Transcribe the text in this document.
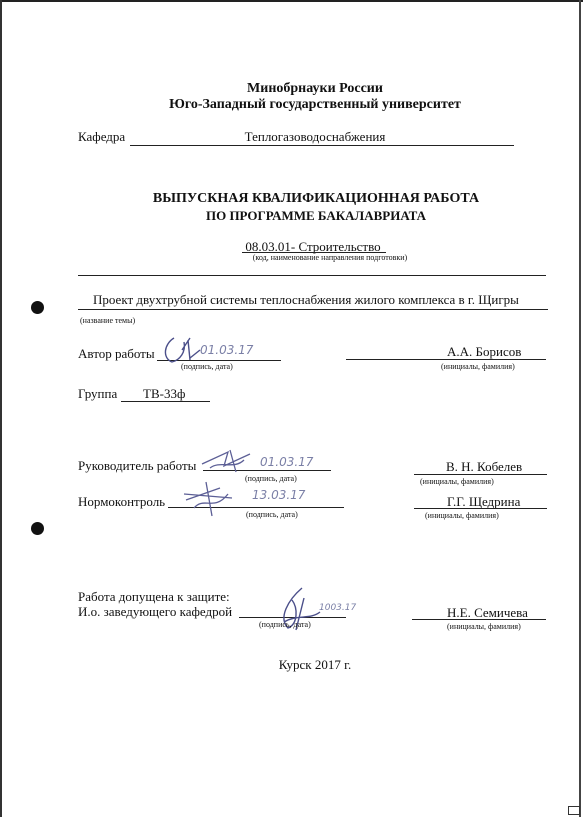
Минобрнауки России
Юго-Западный государственный университет
Кафедра	Теплогазоводоснабжения
ВЫПУСКНАЯ КВАЛИФИКАЦИОННАЯ РАБОТА
ПО ПРОГРАММЕ БАКАЛАВРИАТА
08.03.01- Строительство
(код, наименование направления подготовки)
Проект двухтрубной системы теплоснабжения жилого комплекса в г. Щигры
(название темы)
Автор работы	01.03.17
(подпись, дата)
А.А. Борисов
(инициалы, фамилия)
Группа ТВ-33ф
Руководитель работы	01.03.17
(подпись, дата)
В. Н. Кобелев
(инициалы, фамилия)
Нормоконтроль	13.03.17
(подпись, дата)
Г.Г. Щедрина
(инициалы, фамилия)
Работа допущена к защите:
И.о. заведующего кафедрой	1003.17
(подпись, дата)
Н.Е. Семичева
(инициалы, фамилия)
Курск 2017 г.
